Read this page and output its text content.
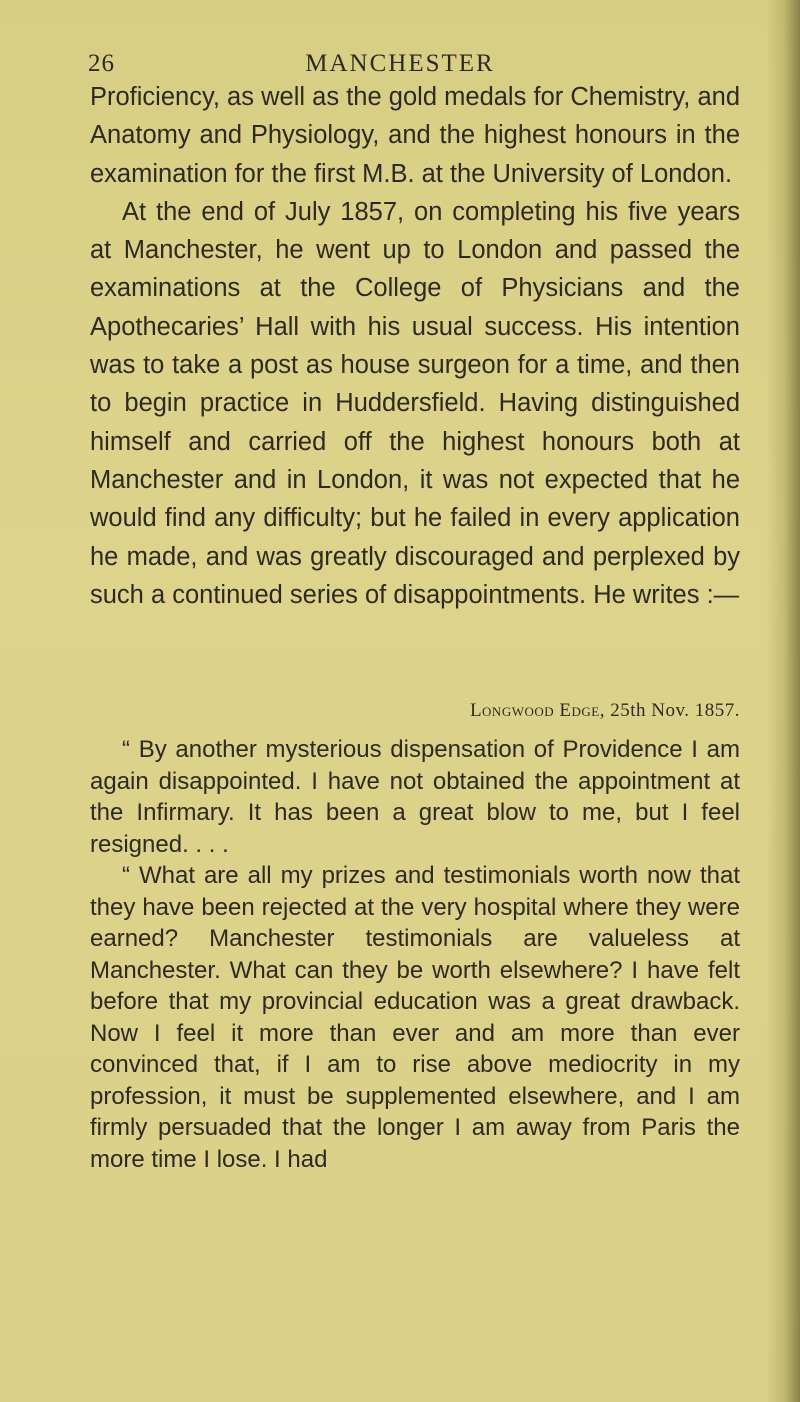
26	MANCHESTER

Proficiency, as well as the gold medals for Chemistry, and Anatomy and Physiology, and the highest honours in the examination for the first M.B. at the University of London.

At the end of July 1857, on completing his five years at Manchester, he went up to London and passed the examinations at the College of Physicians and the Apothecaries’ Hall with his usual success. His intention was to take a post as house surgeon for a time, and then to begin practice in Huddersfield. Having distinguished himself and carried off the highest honours both at Manchester and in London, it was not expected that he would find any difficulty; but he failed in every application he made, and was greatly discouraged and perplexed by such a continued series of disappointments. He writes :—

Longwood Edge, 25th Nov. 1857.

“ By another mysterious dispensation of Providence I am again disappointed. I have not obtained the appointment at the Infirmary. It has been a great blow to me, but I feel resigned. . . .

“ What are all my prizes and testimonials worth now that they have been rejected at the very hospital where they were earned? Manchester testimonials are valueless at Manchester. What can they be worth elsewhere? I have felt before that my provincial education was a great drawback. Now I feel it more than ever and am more than ever convinced that, if I am to rise above mediocrity in my profession, it must be supplemented elsewhere, and I am firmly persuaded that the longer I am away from Paris the more time I lose. I had
